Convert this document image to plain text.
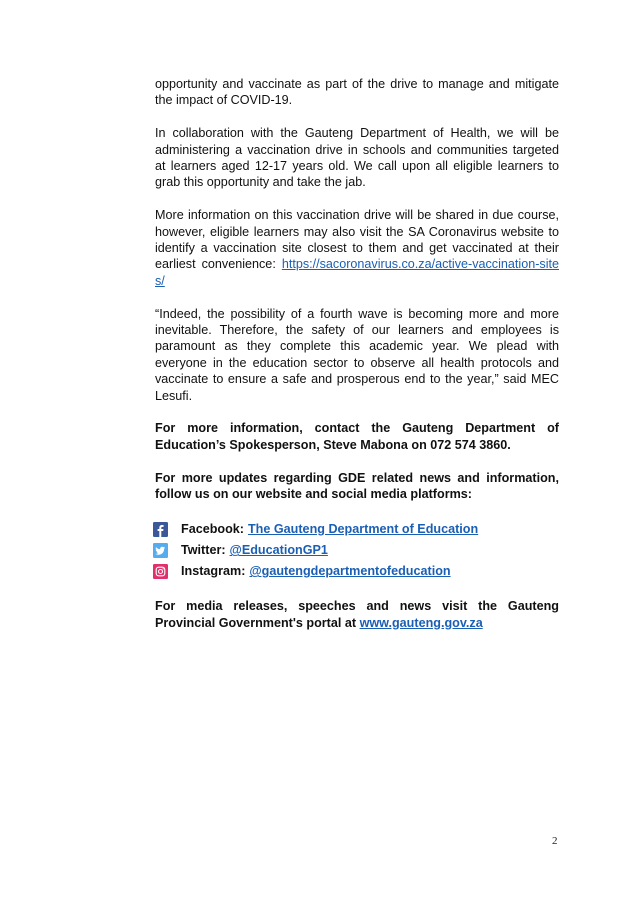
opportunity and vaccinate as part of the drive to manage and mitigate the impact of COVID-19.

In collaboration with the Gauteng Department of Health, we will be administering a vaccination drive in schools and communities targeted at learners aged 12-17 years old. We call upon all eligible learners to grab this opportunity and take the jab.

More information on this vaccination drive will be shared in due course, however, eligible learners may also visit the SA Coronavirus website to identify a vaccination site closest to them and get vaccinated at their earliest convenience: https://sacoronavirus.co.za/active-vaccination-sites/

“Indeed, the possibility of a fourth wave is becoming more and more inevitable. Therefore, the safety of our learners and employees is paramount as they complete this academic year. We plead with everyone in the education sector to observe all health protocols and vaccinate to ensure a safe and prosperous end to the year,” said MEC Lesufi.

For more information, contact the Gauteng Department of Education’s Spokesperson, Steve Mabona on 072 574 3860.

For more updates regarding GDE related news and information, follow us on our website and social media platforms:

Facebook: The Gauteng Department of Education
Twitter: @EducationGP1
Instagram: @gautengdepartmentofeducation

For media releases, speeches and news visit the Gauteng Provincial Government's portal at www.gauteng.gov.za

2
